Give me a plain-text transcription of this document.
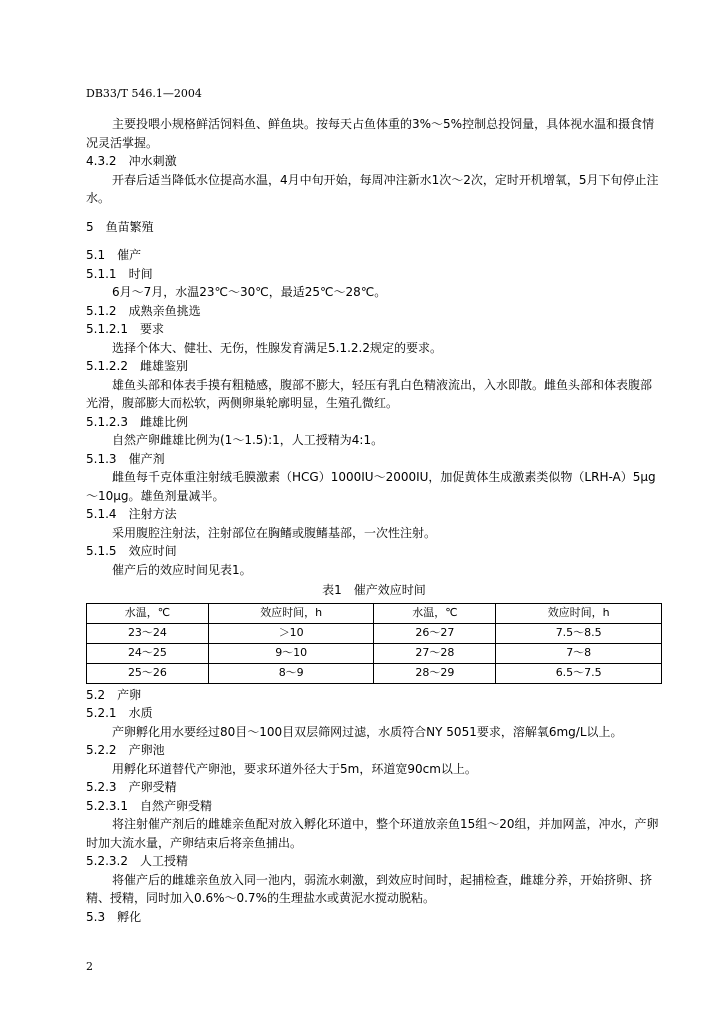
DB33/T 546.1—2004

主要投喂小规格鲜活饲料鱼、鲜鱼块。按每天占鱼体重的3%～5%控制总投饲量，具体视水温和摄食情况灵活掌握。

4.3.2　 冲水刺激

开春后适当降低水位提高水温，4月中旬开始，每周冲注新水1次～2次，定时开机增氧，5月下旬停止注水。

5　 鱼苗繁殖
5.1　 催产
5.1.1　 时间

6月～7月，水温23℃～30℃，最适25℃～28℃。

5.1.2　 成熟亲鱼挑选
5.1.2.1　 要求

选择个体大、健壮、无伤，性腺发育满足5.1.2.2规定的要求。

5.1.2.2　 雌雄鉴别

雄鱼头部和体表手摸有粗糙感，腹部不膨大，轻压有乳白色精液流出，入水即散。雌鱼头部和体表腹部光滑，腹部膨大而松软，两侧卵巢轮廓明显，生殖孔微红。

5.1.2.3　 雌雄比例

自然产卵雌雄比例为(1～1.5):1，人工授精为4:1。

5.1.3　 催产剂

雌鱼每千克体重注射绒毛膜激素（HCG）1000IU～2000IU，加促黄体生成激素类似物（LRH-A）5μg～10μg。雄鱼剂量减半。

5.1.4　 注射方法

采用腹腔注射法，注射部位在胸鳍或腹鳍基部，一次性注射。

5.1.5　 效应时间

催产后的效应时间见表1。

表1　催产效应时间
水温，℃	效应时间，h	水温，℃	效应时间，h
23～24	＞10	26～27	7.5～8.5
24～25	9～10	27～28	7～8
25～26	8～9	28～29	6.5～7.5
5.2　 产卵
5.2.1　 水质

产卵孵化用水要经过80目～100目双层筛网过滤，水质符合NY 5051要求，溶解氧6mg/L以上。

5.2.2　 产卵池

用孵化环道替代产卵池，要求环道外径大于5m，环道宽90cm以上。

5.2.3　 产卵受精
5.2.3.1　 自然产卵受精

将注射催产剂后的雌雄亲鱼配对放入孵化环道中，整个环道放亲鱼15组～20组，并加网盖，冲水，产卵时加大流水量，产卵结束后将亲鱼捕出。

5.2.3.2　 人工授精

将催产后的雌雄亲鱼放入同一池内，弱流水刺激，到效应时间时，起捕检查，雌雄分养，开始挤卵、挤精、授精，同时加入0.6%～0.7%的生理盐水或黄泥水搅动脱粘。

5.3　 孵化
2
